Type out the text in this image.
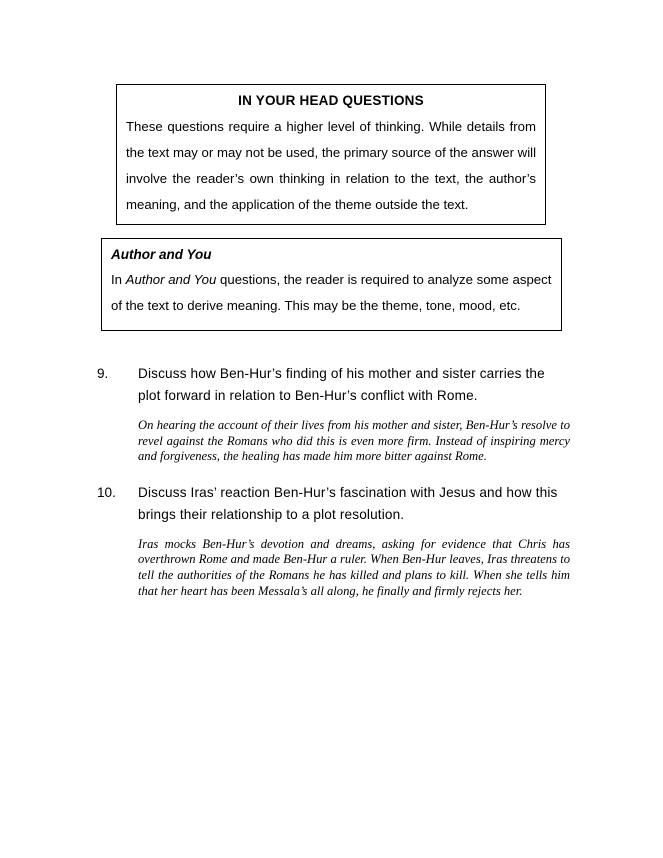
IN YOUR HEAD QUESTIONS
These questions require a higher level of thinking. While details from the text may or may not be used, the primary source of the answer will involve the reader’s own thinking in relation to the text, the author’s meaning, and the application of the theme outside the text.
Author and You
In Author and You questions, the reader is required to analyze some aspect of the text to derive meaning. This may be the theme, tone, mood, etc.
9. Discuss how Ben-Hur’s finding of his mother and sister carries the plot forward in relation to Ben-Hur’s conflict with Rome.
On hearing the account of their lives from his mother and sister, Ben-Hur’s resolve to revel against the Romans who did this is even more firm. Instead of inspiring mercy and forgiveness, the healing has made him more bitter against Rome.
10. Discuss Iras’ reaction Ben-Hur’s fascination with Jesus and how this brings their relationship to a plot resolution.
Iras mocks Ben-Hur’s devotion and dreams, asking for evidence that Chris has overthrown Rome and made Ben-Hur a ruler. When Ben-Hur leaves, Iras threatens to tell the authorities of the Romans he has killed and plans to kill. When she tells him that her heart has been Messala’s all along, he finally and firmly rejects her.
